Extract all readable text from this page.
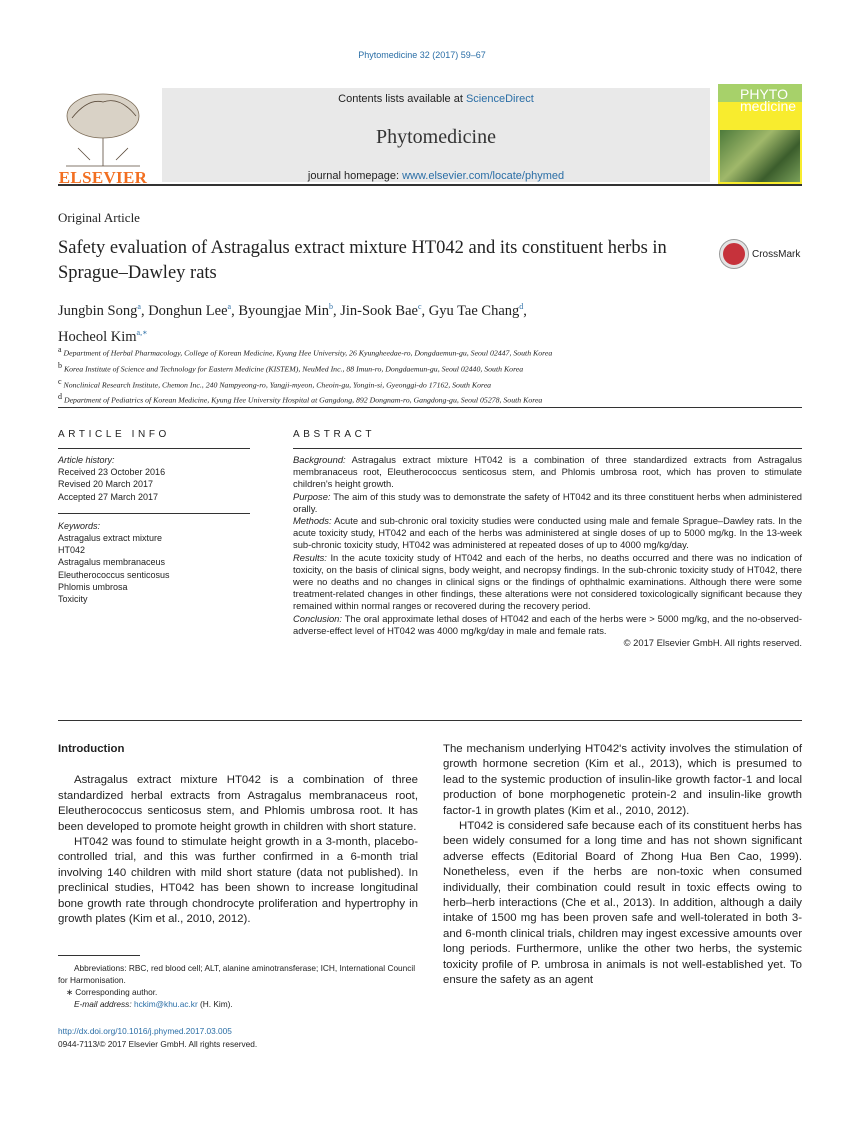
Phytomedicine 32 (2017) 59–67
ELSEVIER
Contents lists available at ScienceDirect
Phytomedicine
journal homepage: www.elsevier.com/locate/phymed
PHYTO medicine
Original Article
Safety evaluation of Astragalus extract mixture HT042 and its constituent herbs in Sprague–Dawley rats
CrossMark
Jungbin Song$^a$, Donghun Lee$^a$, Byoungjae Min$^b$, Jin-Sook Bae$^c$, Gyu Tae Chang$^d$,
Hocheol Kim$^{a,∗}$
$^a$ Department of Herbal Pharmacology, College of Korean Medicine, Kyung Hee University, 26 Kyungheedae-ro, Dongdaemun-gu, Seoul 02447, South Korea
$^b$ Korea Institute of Science and Technology for Eastern Medicine (KISTEM), NeuMed Inc., 88 Imun-ro, Dongdaemun-gu, Seoul 02440, South Korea
$^c$ Nonclinical Research Institute, Chemon Inc., 240 Nampyeong-ro, Yangji-myeon, Cheoin-gu, Yongin-si, Gyeonggi-do 17162, South Korea
$^d$ Department of Pediatrics of Korean Medicine, Kyung Hee University Hospital at Gangdong, 892 Dongnam-ro, Gangdong-gu, Seoul 05278, South Korea
ARTICLE INFO	ABSTRACT
Article history:
Received 23 October 2016
Revised 20 March 2017
Accepted 27 March 2017
Keywords:
Astragalus extract mixture
HT042
Astragalus membranaceus
Eleutherococcus senticosus
Phlomis umbrosa
Toxicity
Background: Astragalus extract mixture HT042 is a combination of three standardized extracts from Astragalus membranaceus root, Eleutherococcus senticosus stem, and Phlomis umbrosa root, which has proven to stimulate children's height growth.
Purpose: The aim of this study was to demonstrate the safety of HT042 and its three constituent herbs when administered orally.
Methods: Acute and sub-chronic oral toxicity studies were conducted using male and female Sprague–Dawley rats. In the acute toxicity study, HT042 and each of the herbs was administered at single doses of up to 5000 mg/kg. In the 13-week sub-chronic toxicity study, HT042 was administered at repeated doses of up to 4000 mg/kg/day.
Results: In the acute toxicity study of HT042 and each of the herbs, no deaths occurred and there was no indication of toxicity, on the basis of clinical signs, body weight, and necropsy findings. In the sub-chronic toxicity study of HT042, there were no deaths and no changes in clinical signs or the findings of ophthalmic examinations. Although there were some treatment-related changes in other findings, these alterations were not considered toxicologically significant because they remained within normal ranges or recovered during the recovery period.
Conclusion: The oral approximate lethal doses of HT042 and each of the herbs were > 5000 mg/kg, and the no-observed-adverse-effect level of HT042 was 4000 mg/kg/day in male and female rats.
© 2017 Elsevier GmbH. All rights reserved.
Introduction

Astragalus extract mixture HT042 is a combination of three standardized herbal extracts from Astragalus membranaceus root, Eleutherococcus senticosus stem, and Phlomis umbrosa root. It has been developed to promote height growth in children with short stature.

HT042 was found to stimulate height growth in a 3-month, placebo-controlled trial, and this was further confirmed in a 6-month trial involving 140 children with mild short stature (data not published). In preclinical studies, HT042 has been shown to increase longitudinal bone growth rate through chondrocyte proliferation and hypertrophy in growth plates (Kim et al., 2010, 2012).

The mechanism underlying HT042's activity involves the stimulation of growth hormone secretion (Kim et al., 2013), which is presumed to lead to the systemic production of insulin-like growth factor-1 and local production of bone morphogenetic protein-2 and insulin-like growth factor-1 in growth plates (Kim et al., 2010, 2012).

HT042 is considered safe because each of its constituent herbs has been widely consumed for a long time and has not shown significant adverse effects (Editorial Board of Zhong Hua Ben Cao, 1999). Nonetheless, even if the herbs are non-toxic when consumed individually, their combination could result in toxic effects owing to herb–herb interactions (Che et al., 2013). In addition, although a daily intake of 1500 mg has been proven safe and well-tolerated in both 3- and 6-month clinical trials, children may ingest excessive amounts over long periods. Furthermore, unlike the other two herbs, the systemic toxicity profile of P. umbrosa in animals is not well-established yet. To ensure the safety as an agent

Abbreviations: RBC, red blood cell; ALT, alanine aminotransferase; ICH, International Council for Harmonisation.
∗ Corresponding author.
E-mail address: hckim@khu.ac.kr (H. Kim).
http://dx.doi.org/10.1016/j.phymed.2017.03.005
0944-7113/© 2017 Elsevier GmbH. All rights reserved.
